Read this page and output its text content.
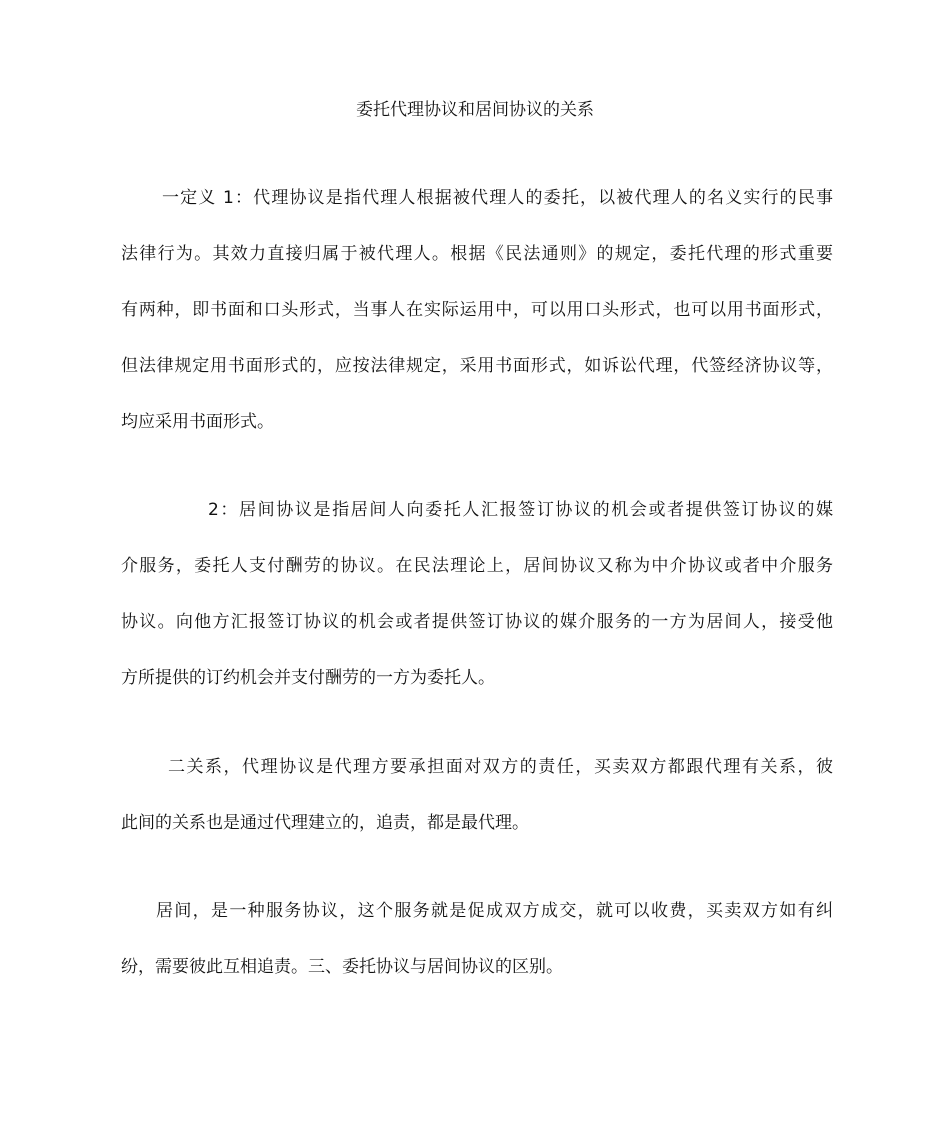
委托代理协议和居间协议的关系
一定义 1：代理协议是指代理人根据被代理人的委托，以被代理人的名义实行的民事
法律行为。其效力直接归属于被代理人。根据《民法通则》的规定，委托代理的形式重要
有两种，即书面和口头形式，当事人在实际运用中，可以用口头形式，也可以用书面形式，
但法律规定用书面形式的，应按法律规定，采用书面形式，如诉讼代理，代签经济协议等，
均应采用书面形式。
2：居间协议是指居间人向委托人汇报签订协议的机会或者提供签订协议的媒
介服务，委托人支付酬劳的协议。在民法理论上，居间协议又称为中介协议或者中介服务
协议。向他方汇报签订协议的机会或者提供签订协议的媒介服务的一方为居间人，接受他
方所提供的订约机会并支付酬劳的一方为委托人。
二关系，代理协议是代理方要承担面对双方的责任，买卖双方都跟代理有关系，彼
此间的关系也是通过代理建立的，追责，都是最代理。
居间，是一种服务协议，这个服务就是促成双方成交，就可以收费，买卖双方如有纠
纷，需要彼此互相追责。三、委托协议与居间协议的区别。
